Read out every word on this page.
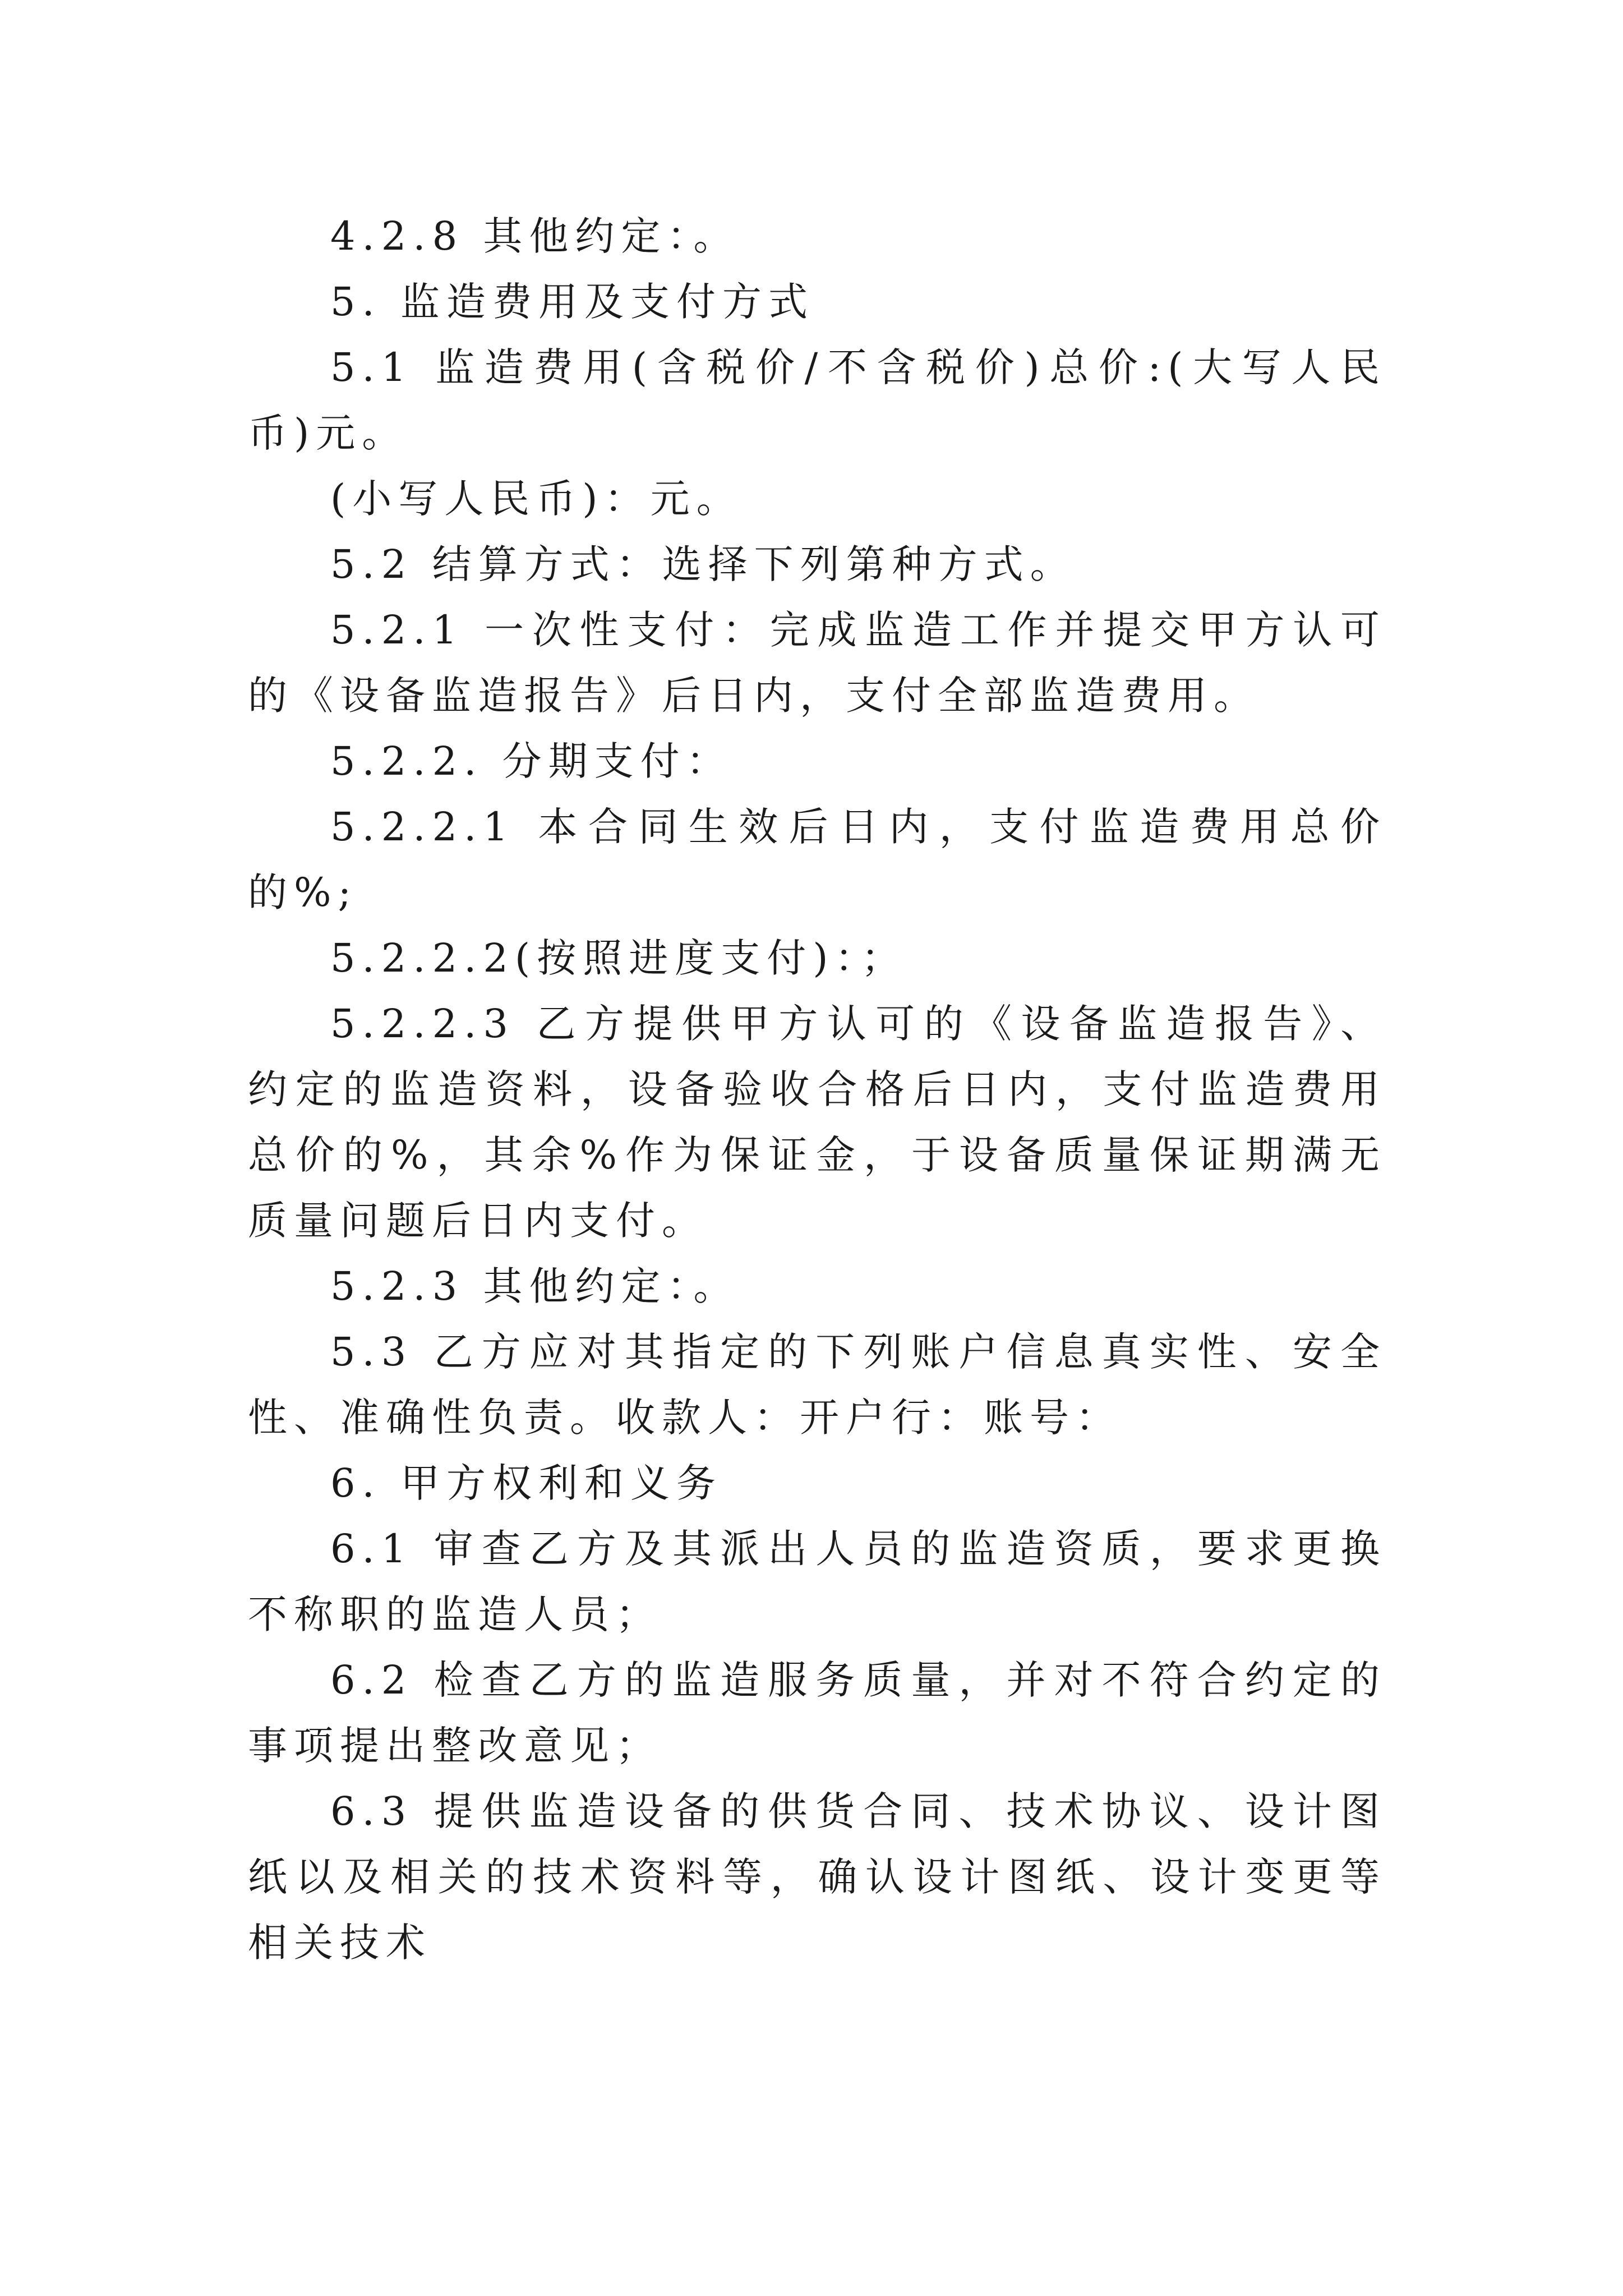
4.2.8 其他约定：。

5. 监造费用及支付方式

5.1 监造费用(含税价/不含税价)总价:(大写人民币)元。

(小写人民币)：元。

5.2 结算方式：选择下列第种方式。

5.2.1 一次性支付：完成监造工作并提交甲方认可的《设备监造报告》后日内，支付全部监造费用。

5.2.2. 分期支付：

5.2.2.1 本合同生效后日内，支付监造费用总价的%;

5.2.2.2(按照进度支付)：；

5.2.2.3 乙方提供甲方认可的《设备监造报告》、约定的监造资料，设备验收合格后日内，支付监造费用总价的%，其余%作为保证金，于设备质量保证期满无质量问题后日内支付。

5.2.3 其他约定：。

5.3 乙方应对其指定的下列账户信息真实性、安全性、准确性负责。收款人：开户行：账号：

6. 甲方权利和义务

6.1 审查乙方及其派出人员的监造资质，要求更换不称职的监造人员；

6.2 检查乙方的监造服务质量，并对不符合约定的事项提出整改意见；

6.3 提供监造设备的供货合同、技术协议、设计图纸以及相关的技术资料等，确认设计图纸、设计变更等相关技术
